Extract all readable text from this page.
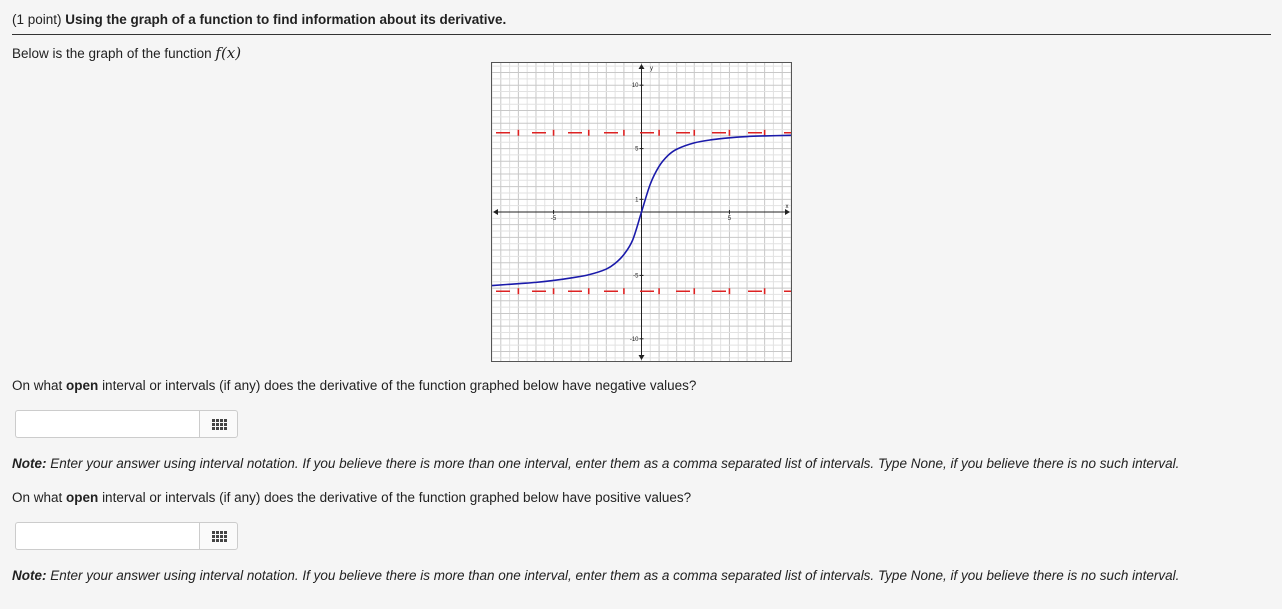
(1 point) Using the graph of a function to find information about its derivative.
Below is the graph of the function f(x)
x
y
-5	5
10
5
1
-5
-10
On what open interval or intervals (if any) does the derivative of the function graphed below have negative values?
Note: Enter your answer using interval notation. If you believe there is more than one interval, enter them as a comma separated list of intervals. Type None, if you believe there is no such interval.
On what open interval or intervals (if any) does the derivative of the function graphed below have positive values?
Note: Enter your answer using interval notation. If you believe there is more than one interval, enter them as a comma separated list of intervals. Type None, if you believe there is no such interval.
